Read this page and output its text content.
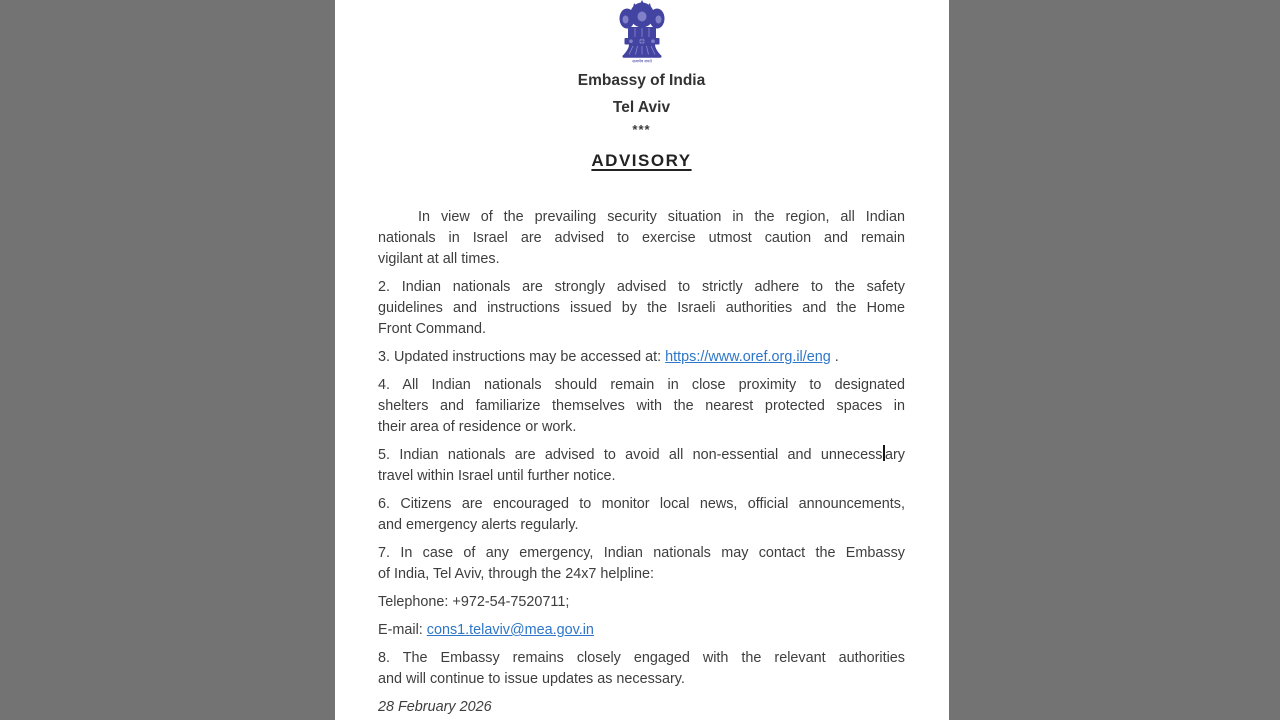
सत्यमेव जयते
Embassy of India
Tel Aviv
***
ADVISORY

In view of the prevailing security situation in the region, all Indian
nationals in Israel are advised to exercise utmost caution and remain
vigilant at all times.

2. Indian nationals are strongly advised to strictly adhere to the safety
guidelines and instructions issued by the Israeli authorities and the Home
Front Command.

3. Updated instructions may be accessed at: https://www.oref.org.il/eng .

4. All Indian nationals should remain in close proximity to designated
shelters and familiarize themselves with the nearest protected spaces in
their area of residence or work.

5. Indian nationals are advised to avoid all non-essential and unnecess ary
travel within Israel until further notice.

6. Citizens are encouraged to monitor local news, official announcements,
and emergency alerts regularly.

7. In case of any emergency, Indian nationals may contact the Embassy
of India, Tel Aviv, through the 24x7 helpline:

Telephone: +972-54-7520711;

E-mail: cons1.telaviv@mea.gov.in

8. The Embassy remains closely engaged with the relevant authorities
and will continue to issue updates as necessary.

28 February 2026
